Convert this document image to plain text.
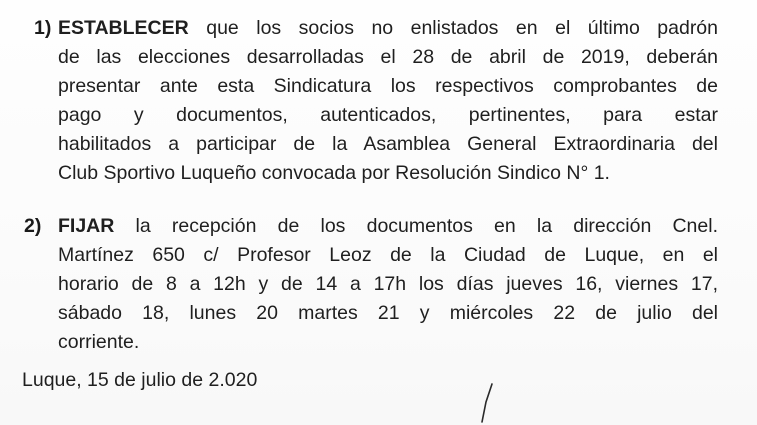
1) ESTABLECER que los socios no enlistados en el último padrón
de las elecciones desarrolladas el 28 de abril de 2019, deberán
presentar ante esta Sindicatura los respectivos comprobantes de
pago y documentos, autenticados, pertinentes, para estar
habilitados a participar de la Asamblea General Extraordinaria del
Club Sportivo Luqueño convocada por Resolución Sindico N° 1.
2) FIJAR la recepción de los documentos en la dirección Cnel.
Martínez 650 c/ Profesor Leoz de la Ciudad de Luque, en el
horario de 8 a 12h y de 14 a 17h los días jueves 16, viernes 17,
sábado 18, lunes 20 martes 21 y miércoles 22 de julio del
corriente.
Luque, 15 de julio de 2.020
